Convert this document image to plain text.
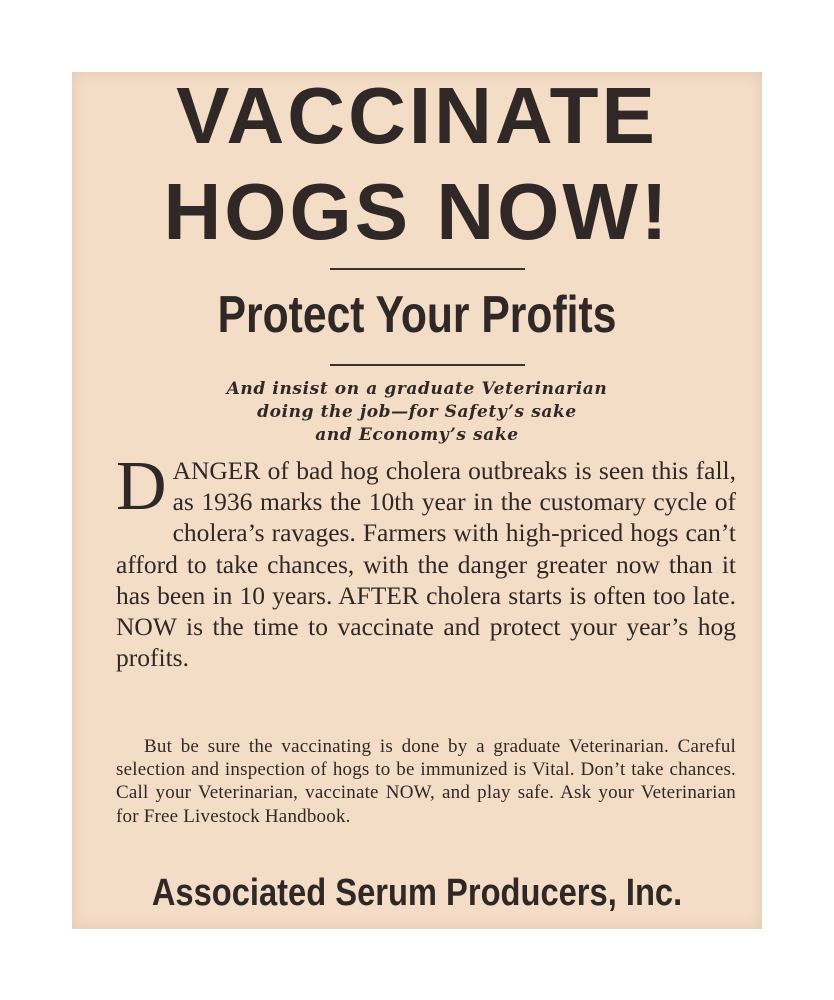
VACCINATE
HOGS NOW!
Protect Your Profits

And insist on a graduate Veterinarian
doing the job—for Safety’s sake
and Economy’s sake

DANGER of bad hog cholera outbreaks is seen this fall, as 1936 marks the 10th year in the customary cycle of cholera’s ravages. Farmers with high-priced hogs can’t afford to take chances, with the danger greater now than it has been in 10 years. AFTER cholera starts is often too late. NOW is the time to vaccinate and protect your year’s hog profits.

But be sure the vaccinating is done by a graduate Veterinarian. Careful selection and inspection of hogs to be immunized is Vital. Don’t take chances. Call your Veterinarian, vaccinate NOW, and play safe. Ask your Veterinarian for Free Livestock Handbook.

Associated Serum Producers, Inc.
